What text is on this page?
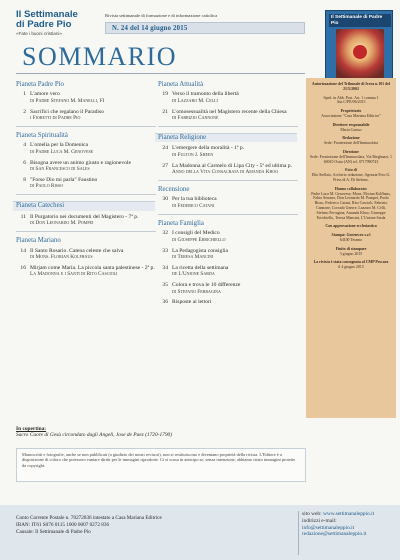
Il Settimanale
di Padre Pio
«Fate i buoni cristiani»
Rivista settimanale di formazione e di informazione cattolica
N. 24 del 14 giugno 2015
Il Settimanale di Padre Pio
SOMMARIO
Pianeta Padre Pio
1 L'amore vero
di Padre Stefano M. Manelli, FI
2 Sacrifici che regalano il Paradiso
i Fioretti di Padre Pio
Pianeta Spiritualità
4 L'omelia per la Domenica
di Padre Luca M. Genovese
6 Bisogna avere un animo giusto e ragionevole
di San Francesco di Sales
8 "Forse Dio mi parla" Faustino
di Paolo Risso
Pianeta Catechesi
11 Il Purgatorio nei documenti del Magistero - 7ª p.
di Don Leonardo M. Pompei
Pianeta Mariano
14 Il Santo Rosario. Catena celeste che salva
di Mons. Florian Kolfhaus
16 Mirjam come Maria. La piccola santa palestinese - 2ª p.
La Madonna e i Santi di Rito Cascioli
Pianeta Attualità
19 Verso il tramonto della libertà
di Lazzaro M. Celli
21 L'omosessualità nel Magistero recente della Chiesa
di Fabrizio Cannone
Pianeta Religione
24 L'emergere della moralità - 1ª p.
di Fulton J. Sheen
27 La Madonna al Carmelo di Lipa City - 5ª ed ultima p.
Anno della Vita Consacrata di Amanda Khoo
Recensione
30 Per la tua biblioteca
di Federico Catani
Pianeta Famiglia
32 I consigli del Medico
di Giuseppe Errichiello
33 La Pedagogista consiglia
di Teresa Mancini
34 La ricetta della settimana
de L'Unione Sarda
35 Colora e trova le 10 differenze
di Stefano Ferragina
36 Risposte ai lettori
Autorizzazione del Tribunale di Ivrea n.101 del 21/5/2002
Sped. in Abb. Post. Art. 1 comma 1 Aut.C/PE/06/2013
Proprietario
Associazione "Casa Mariana Editrice"
Direttore responsabile
Maria Caruso
Redazione
Sede: Frontezione dell'Immacolata
Direzione
Sede: Frontezione dell'Immacolata, Via Rieghuzzi, 1 60010 Ostra (AN) tel. 0717990743
Foto di
Elio Stellato, Archivio redazione, Agenzia Foto G. Press di A. Di Stefano.
Hanno collaborato:
Padre Luca M. Genovese, Mons. Florian Kolfhaus, Fabio Serrano, Don Leonardo M. Pompei, Paolo Risso, Federico Catani, Rito Cascioli, Fabrizio Cannone, Corrado Gnerre, Lazzaro M. Celli, Stefano Ferragina, Amanda Khoo, Giuseppe Errichiello, Teresa Mancini, L'Unione Sarda
Con approvazione ecclesiastica
Stampa: Gorenwex s.r.l
64100 Teramo
Finito di stampare
3 giugno 2015
La rivista è stata consegnata al CMP Pescara
il 4 giugno 2015
In copertina:
Sacro Cuore di Gesù circondato dagli Angeli, Jose de Paez (1720-1790)
Manoscritti e fotografie, anche se non pubblicati (a giudizio dei nostri revisori), non si restituiscono e diventano proprietà della rivista. L'Editore è a disposizione di coloro che potessero vantare diritti per le immagini riprodotte. Ci si scusa in anticipo se, senza intenzione, abbiamo citato immagini protette da copyright.
Conto Corrente Postale n. 70272836 intestato a Casa Mariana Editrice
IBAN: IT61 S076 0115 1000 0007 0272 836
Causale: Il Settimanale di Padre Pio
sito web: www.settimanaleppio.it
indirizzi e-mail:
info@settimanaleppio.it
redazione@settimanaleppio.it
